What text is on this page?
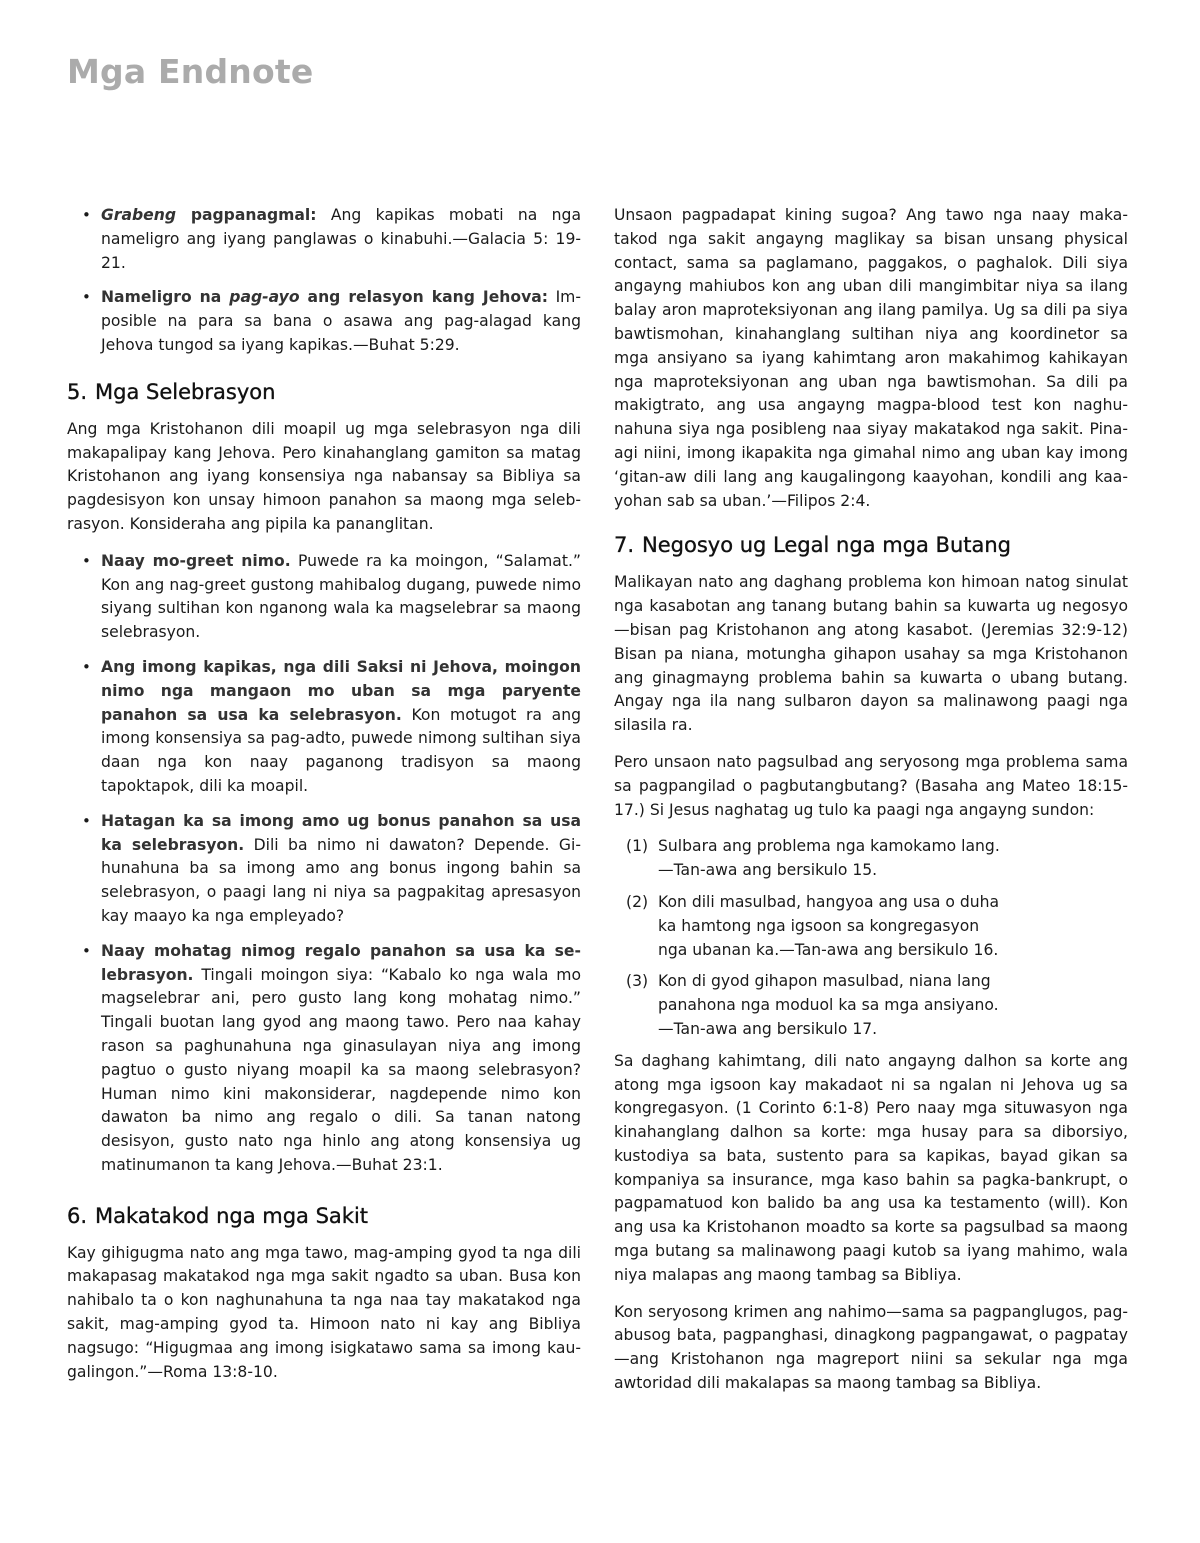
Mga Endnote
• Grabeng pagpanagmal: Ang kapikas mobati na nga nameligro ang iyang panglawas o kinabuhi.—Galacia 5: 19-21.
• Nameligro na pag-ayo ang relasyon kang Jehova: Imposible na para sa bana o asawa ang pag-alagad kang Jehova tungod sa iyang kapikas.—Buhat 5:29.
5. Mga Selebrasyon

Ang mga Kristohanon dili moapil ug mga selebrasyon nga dili makapalipay kang Jehova. Pero kinahanglang gamiton sa matag Kristohanon ang iyang konsensiya nga nabansay sa Bibliya sa pagdesisyon kon unsay himoon panahon sa maong mga selebrasyon. Konsideraha ang pipila ka pananglitan.

• Naay mo-greet nimo. Puwede ra ka moingon, “Salamat.” Kon ang nag-greet gustong mahibalog dugang, puwede nimo siyang sultihan kon nganong wala ka magselebrar sa maong selebrasyon.
• Ang imong kapikas, nga dili Saksi ni Jehova, moingon nimo nga mangaon mo uban sa mga paryente panahon sa usa ka selebrasyon. Kon motugot ra ang imong konsensiya sa pag-adto, puwede nimong sultihan siya daan nga kon naay paganong tradisyon sa maong tapoktapok, dili ka moapil.
• Hatagan ka sa imong amo ug bonus panahon sa usa ka selebrasyon. Dili ba nimo ni dawaton? Depende. Gihunahuna ba sa imong amo ang bonus ingong bahin sa selebrasyon, o paagi lang ni niya sa pagpakitag apresasyon kay maayo ka nga empleyado?
• Naay mohatag nimog regalo panahon sa usa ka selebrasyon. Tingali moingon siya: “Kabalo ko nga wala mo magselebrar ani, pero gusto lang kong mohatag nimo.” Tingali buotan lang gyod ang maong tawo. Pero naa kahay rason sa paghunahuna nga ginasulayan niya ang imong pagtuo o gusto niyang moapil ka sa maong selebrasyon? Human nimo kini makonsiderar, nagdepende nimo kon dawaton ba nimo ang regalo o dili. Sa tanan natong desisyon, gusto nato nga hinlo ang atong konsensiya ug matinumanon ta kang Jehova.—Buhat 23:1.
6. Makatakod nga mga Sakit

Kay gihigugma nato ang mga tawo, mag-amping gyod ta nga dili makapasag makatakod nga mga sakit ngadto sa uban. Busa kon nahibalo ta o kon naghunahuna ta nga naa tay makatakod nga sakit, mag-amping gyod ta. Himoon nato ni kay ang Bibliya nagsugo: “Higugmaa ang imong isigkatawo sama sa imong kaugalingon.”—Roma 13:8-10.

Unsaon pagpadapat kining sugoa? Ang tawo nga naay makatakod nga sakit angayng maglikay sa bisan unsang physical contact, sama sa paglamano, paggakos, o paghalok. Dili siya angayng mahiubos kon ang uban dili mangimbitar niya sa ilang balay aron maproteksiyonan ang ilang pamilya. Ug sa dili pa siya bawtismohan, kinahanglang sultihan niya ang koordinetor sa mga ansiyano sa iyang kahimtang aron makahimog kahikayan nga maproteksiyonan ang uban nga bawtismohan. Sa dili pa makigtrato, ang usa angayng magpa-blood test kon naghunahuna siya nga posibleng naa siyay makatakod nga sakit. Pinaagi niini, imong ikapakita nga gimahal nimo ang uban kay imong ‘gitan-aw dili lang ang kaugalingong kaayohan, kondili ang kaayohan sab sa uban.’—Filipos 2:4.

7. Negosyo ug Legal nga mga Butang

Malikayan nato ang daghang problema kon himoan natog sinulat nga kasabotan ang tanang butang bahin sa kuwarta ug negosyo—bisan pag Kristohanon ang atong kasabot. (Jeremias 32:9-12) Bisan pa niana, motungha gihapon usahay sa mga Kristohanon ang ginagmayng problema bahin sa kuwarta o ubang butang. Angay nga ila nang sulbaron dayon sa malinawong paagi nga silasila ra.

Pero unsaon nato pagsulbad ang seryosong mga problema sama sa pagpangilad o pagbutangbutang? (Basaha ang Mateo 18:15-17.) Si Jesus naghatag ug tulo ka paagi nga angayng sundon:

(1) Sulbara ang problema nga kamokamo lang.
—Tan-awa ang bersikulo 15.
(2) Kon dili masulbad, hangyoa ang usa o duha
ka hamtong nga igsoon sa kongregasyon
nga ubanan ka.—Tan-awa ang bersikulo 16.
(3) Kon di gyod gihapon masulbad, niana lang
panahona nga moduol ka sa mga ansiyano.
—Tan-awa ang bersikulo 17.

Sa daghang kahimtang, dili nato angayng dalhon sa korte ang atong mga igsoon kay makadaot ni sa ngalan ni Jehova ug sa kongregasyon. (1 Corinto 6:1-8) Pero naay mga situwasyon nga kinahanglang dalhon sa korte: mga husay para sa diborsiyo, kustodiya sa bata, sustento para sa kapikas, bayad gikan sa kompaniya sa insurance, mga kaso bahin sa pagka-bankrupt, o pagpamatuod kon balido ba ang usa ka testamento (will). Kon ang usa ka Kristohanon moadto sa korte sa pagsulbad sa maong mga butang sa malinawong paagi kutob sa iyang mahimo, wala niya malapas ang maong tambag sa Bibliya.

Kon seryosong krimen ang nahimo—sama sa pagpanglugos, pag-abusog bata, pagpanghasi, dinagkong pagpangawat, o pagpatay—ang Kristohanon nga magreport niini sa sekular nga mga awtoridad dili makalapas sa maong tambag sa Bibliya.
